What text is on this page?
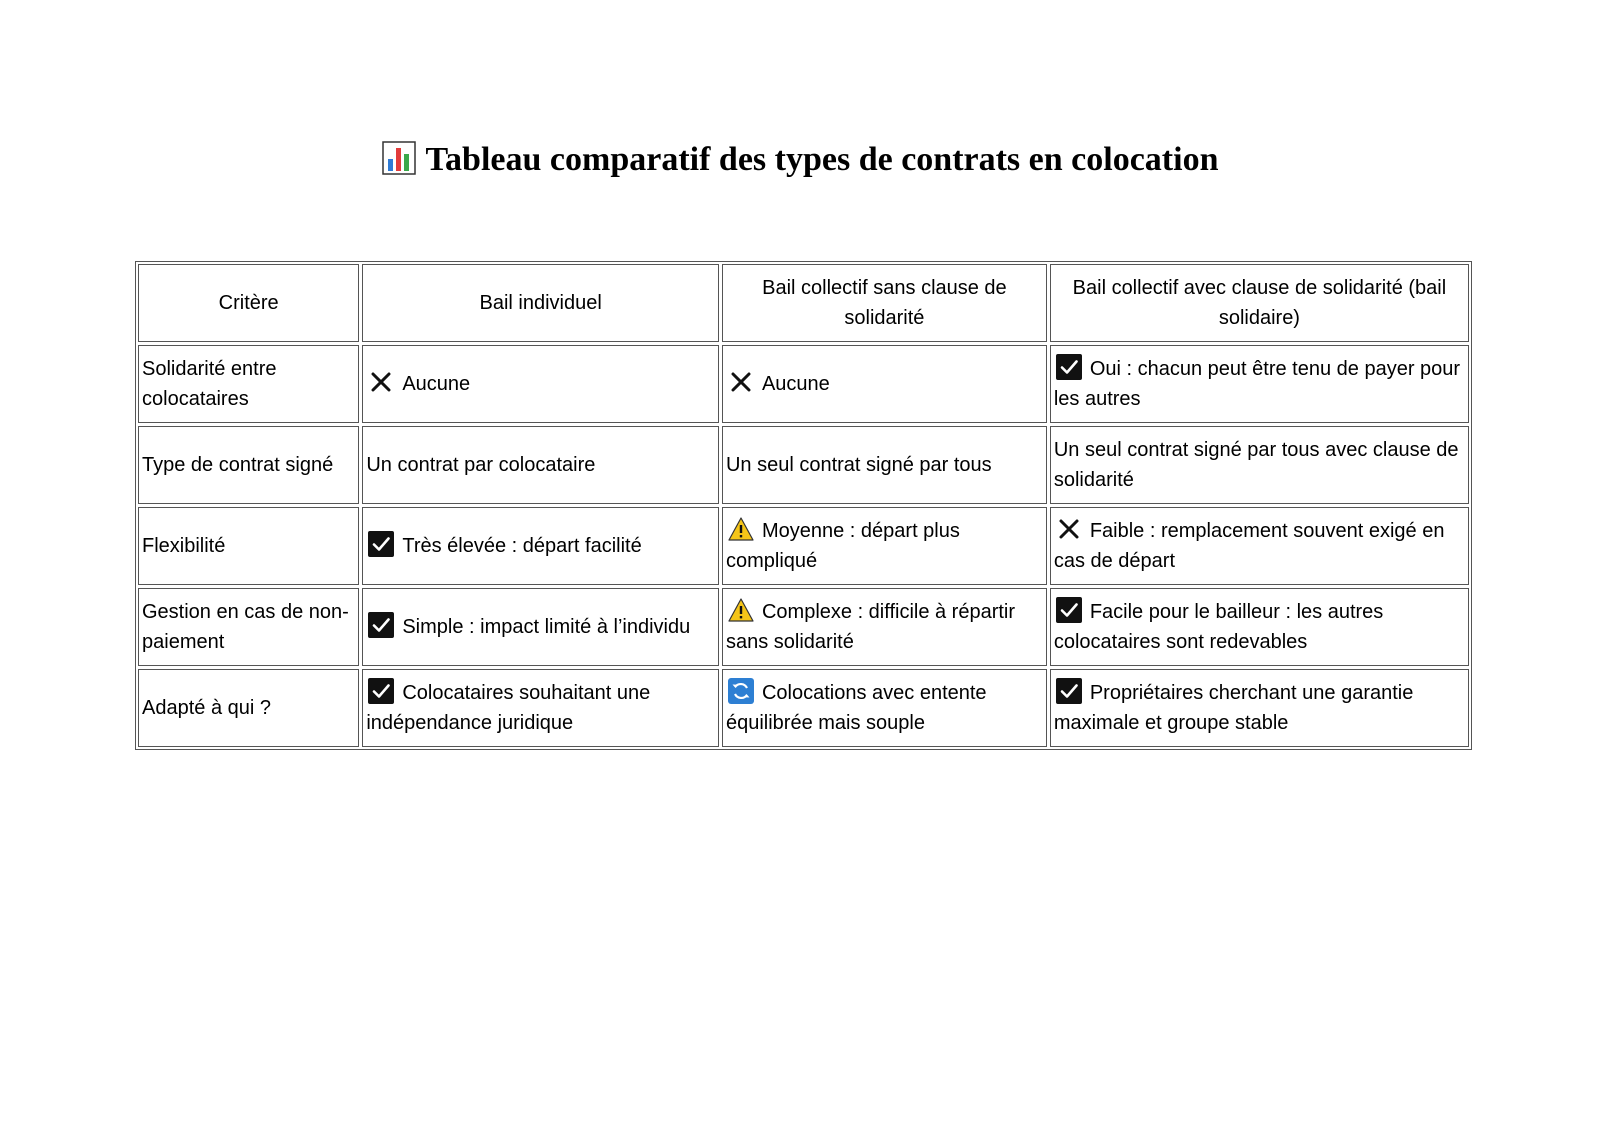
Tableau comparatif des types de contrats en colocation
Critère	Bail individuel	Bail collectif sans clause de solidarité	Bail collectif avec clause de solidarité (bail solidaire)
Solidarité entre colocataires	Aucune	Aucune	Oui : chacun peut être tenu de payer pour les autres
Type de contrat signé	Un contrat par colocataire	Un seul contrat signé par tous	Un seul contrat signé par tous avec clause de solidarité
Flexibilité	Très élevée : départ facilité	Moyenne : départ plus compliqué	Faible : remplacement souvent exigé en cas de départ
Gestion en cas de non-paiement	Simple : impact limité à l’individu	Complexe : difficile à répartir sans solidarité	Facile pour le bailleur : les autres colocataires sont redevables
Adapté à qui ?	Colocataires souhaitant une indépendance juridique	Colocations avec entente équilibrée mais souple	Propriétaires cherchant une garantie maximale et groupe stable
